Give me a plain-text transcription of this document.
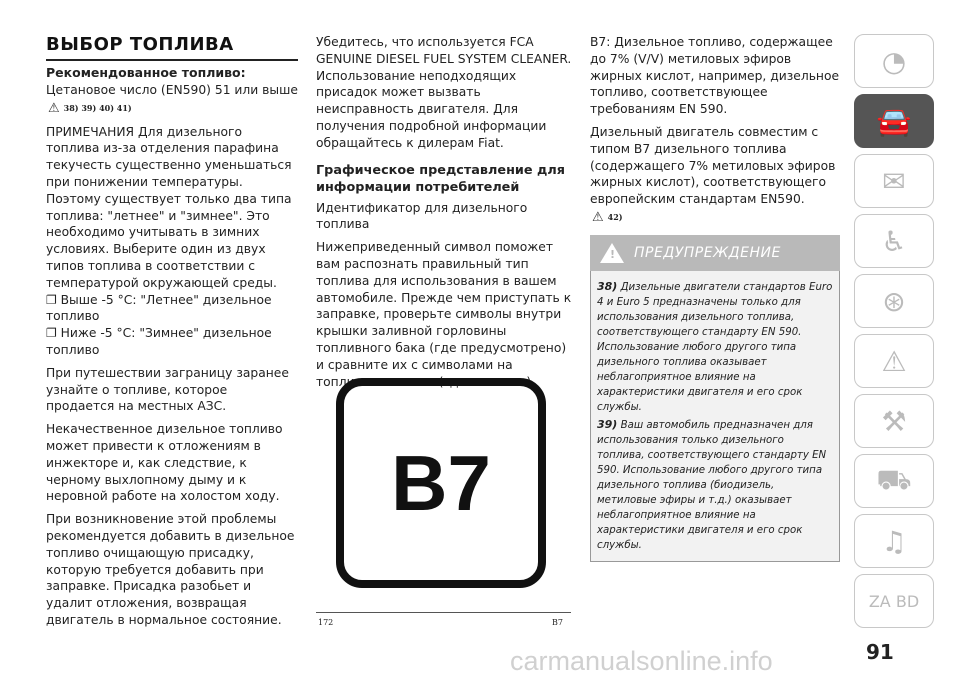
ВЫБОР ТОПЛИВА

Рекомендованное топливо:

Цетановое число (EN590) 51 или выше

⚠ 38) 39) 40) 41)

ПРИМЕЧАНИЯ Для дизельного топлива из-за отделения парафина текучесть существенно уменьшаться при понижении температуры. Поэтому существует только два типа топлива: "летнее" и "зимнее". Это необходимо учитывать в зимних условиях. Выберите один из двух типов топлива в соответствии с температурой окружающей среды.

❐ Выше -5 °C: "Летнее" дизельное топливо

❐ Ниже -5 °C: "Зимнее" дизельное топливо

При путешествии заграницу заранее узнайте о топливе, которое продается на местных АЗС.

Некачественное дизельное топливо может привести к отложениям в инжекторе и, как следствие, к черному выхлопному дыму и к неровной работе на холостом ходу.

При возникновение этой проблемы рекомендуется добавить в дизельное топливо очищающую присадку, которую требуется добавить при заправке. Присадка разобьет и удалит отложения, возвращая двигатель в нормальное состояние.

Убедитесь, что используется FCA GENUINE DIESEL FUEL SYSTEM CLEANER. Использование неподходящих присадок может вызвать неисправность двигателя. Для получения подробной информации обращайтесь к дилерам Fiat.

Графическое представление для информации потребителей

Идентификатор для дизельного топлива

Нижеприведенный символ поможет вам распознать правильный тип топлива для использования в вашем автомобиле. Прежде чем приступать к заправке, проверьте символы внутри крышки заливной горловины топливного бака (где предусмотрено) и сравните их с символами на топливном насосе (где имеются).

B7
172	B7

B7: Дизельное топливо, содержащее до 7% (V/V) метиловых эфиров жирных кислот, например, дизельное топливо, соответствующее требованиям EN 590.

Дизельный двигатель совместим с типом B7 дизельного топлива (содержащего 7% метиловых эфиров жирных кислот), соответствующего европейским стандартам EN590.

⚠ 42)
! ПРЕДУПРЕЖДЕНИЕ

38) Дизельные двигатели стандартов Euro 4 и Euro 5 предназначены только для использования дизельного топлива, соответствующего стандарту EN 590. Использование любого другого типа дизельного топлива оказывает неблагоприятное влияние на характеристики двигателя и его срок службы.

39) Ваш автомобиль предназначен для использования только дизельного топлива, соответствующего стандарту EN 590. Использование любого другого типа дизельного топлива (биодизель, метиловые эфиры и т.д.) оказывает неблагоприятное влияние на характеристики двигателя и его срок службы.

◔
🚘
✉
♿
⊛
⚠
⚒
⛟
♫
ZA BD
91
carmanualsonline.info
